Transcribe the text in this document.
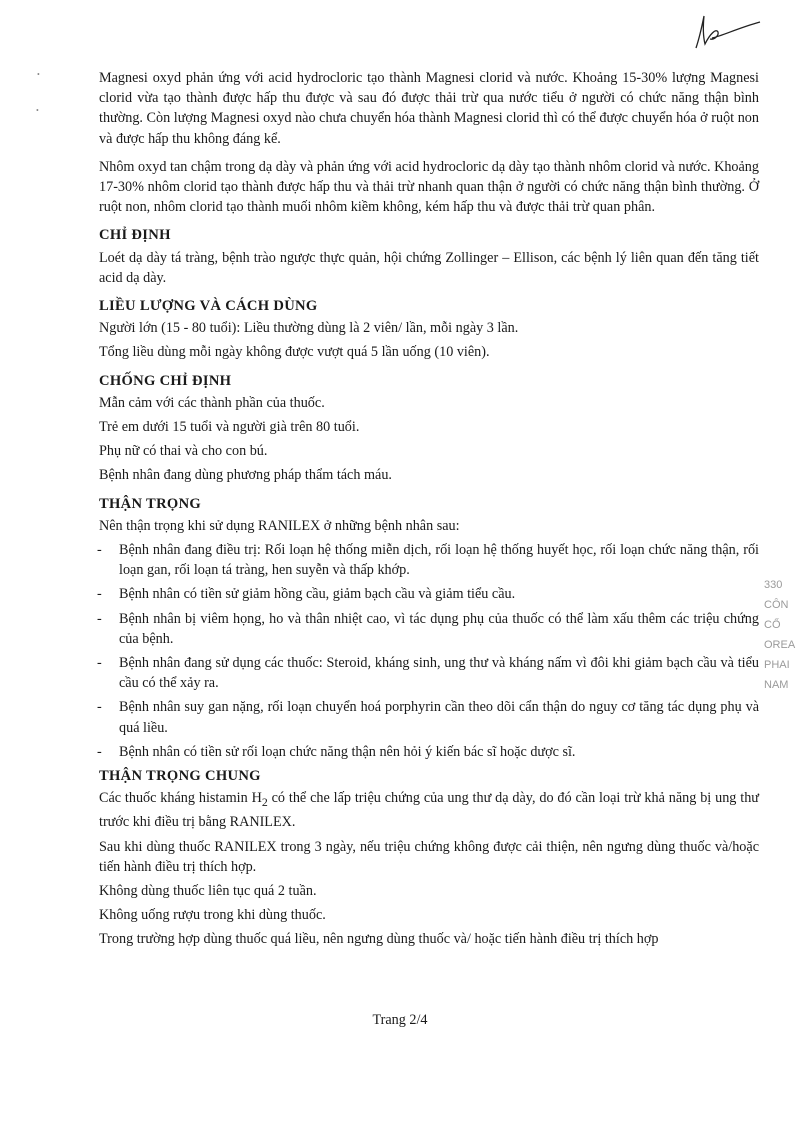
•
•

Magnesi oxyd phản ứng với acid hydrocloric tạo thành Magnesi clorid và nước. Khoảng 15-30% lượng Magnesi clorid vừa tạo thành được hấp thu được và sau đó được thải trừ qua nước tiểu ở người có chức năng thận bình thường. Còn lượng Magnesi oxyd nào chưa chuyển hóa thành Magnesi clorid thì có thể được chuyển hóa ở ruột non và được hấp thu không đáng kể.

Nhôm oxyd tan chậm trong dạ dày và phản ứng với acid hydrocloric dạ dày tạo thành nhôm clorid và nước. Khoảng 17-30% nhôm clorid tạo thành được hấp thu và thải trừ nhanh quan thận ở người có chức năng thận bình thường. Ở ruột non, nhôm clorid tạo thành muối nhôm kiềm không, kém hấp thu và được thải trừ quan phân.

CHỈ ĐỊNH

Loét dạ dày tá tràng, bệnh trào ngược thực quản, hội chứng Zollinger – Ellison, các bệnh lý liên quan đến tăng tiết acid dạ dày.

LIỀU LƯỢNG VÀ CÁCH DÙNG

Người lớn (15 - 80 tuổi): Liều thường dùng là 2 viên/ lần, mỗi ngày 3 lần.

Tổng liều dùng mỗi ngày không được vượt quá 5 lần uống (10 viên).

CHỐNG CHỈ ĐỊNH

Mẫn cảm với các thành phần của thuốc.

Trẻ em dưới 15 tuổi và người già trên 80 tuổi.

Phụ nữ có thai và cho con bú.

Bệnh nhân đang dùng phương pháp thẩm tách máu.

THẬN TRỌNG

Nên thận trọng khi sử dụng RANILEX ở những bệnh nhân sau:

- Bệnh nhân đang điều trị: Rối loạn hệ thống miễn dịch, rối loạn hệ thống huyết học, rối loạn chức năng thận, rối loạn gan, rối loạn tá tràng, hen suyễn và thấp khớp.
- Bệnh nhân có tiền sử giảm hồng cầu, giảm bạch cầu và giảm tiểu cầu.
- Bệnh nhân bị viêm họng, ho và thân nhiệt cao, vì tác dụng phụ của thuốc có thể làm xấu thêm các triệu chứng của bệnh.
- Bệnh nhân đang sử dụng các thuốc: Steroid, kháng sinh, ung thư và kháng nấm vì đôi khi giảm bạch cầu và tiểu cầu có thể xảy ra.
- Bệnh nhân suy gan nặng, rối loạn chuyển hoá porphyrin cần theo dõi cẩn thận do nguy cơ tăng tác dụng phụ và quá liều.
- Bệnh nhân có tiền sử rối loạn chức năng thận nên hỏi ý kiến bác sĩ hoặc dược sĩ.
THẬN TRỌNG CHUNG

Các thuốc kháng histamin $H_2$ có thể che lấp triệu chứng của ung thư dạ dày, do đó cần loại trừ khả năng bị ung thư trước khi điều trị bằng RANILEX.

Sau khi dùng thuốc RANILEX trong 3 ngày, nếu triệu chứng không được cải thiện, nên ngưng dùng thuốc và/hoặc tiến hành điều trị thích hợp.

Không dùng thuốc liên tục quá 2 tuần.

Không uống rượu trong khi dùng thuốc.

Trong trường hợp dùng thuốc quá liều, nên ngưng dùng thuốc và/ hoặc tiến hành điều trị thích hợp

330
CÔN
CỔ
OREA
PHAI
NAM
Trang 2/4
